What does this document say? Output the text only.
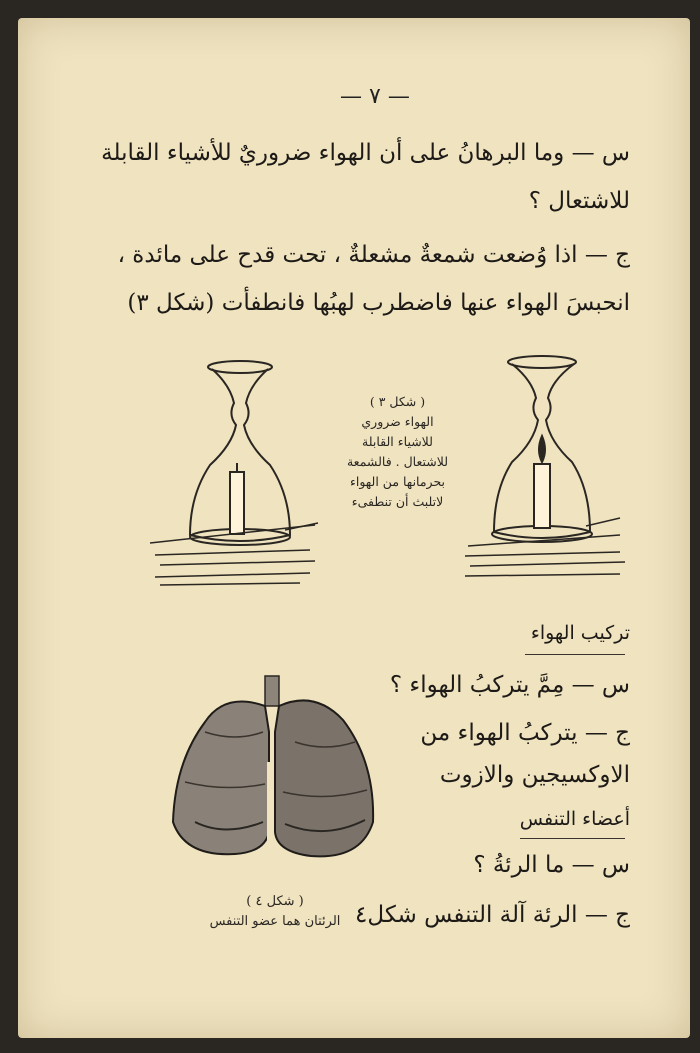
— ٧ —
س — وما البرهانُ على أن الهواء ضروريٌ للأشياء القابلة
للاشتعال ؟
ج — اذا وُضعت شمعةٌ مشعلةٌ ، تحت قدح على مائدة ،
انحبسَ الهواء عنها فاضطرب لهبُها فانطفأت (شكل ٣)
( شكل ٣ )
الهواء ضروري
للاشياء القابلة
للاشتعال . فالشمعة
بحرمانها من الهواء
لاتلبث أن تنطفىء
تركيب الهواء
س — مِمَّ يتركبُ الهواء ؟
ج — يتركبُ الهواء من
الاوكسيجين والازوت
أعضاء التنفس
س — ما الرئةُ ؟
ج — الرئة آلة التنفس شكل٤
( شكل ٤ )
الرئتان هما عضو التنفس
